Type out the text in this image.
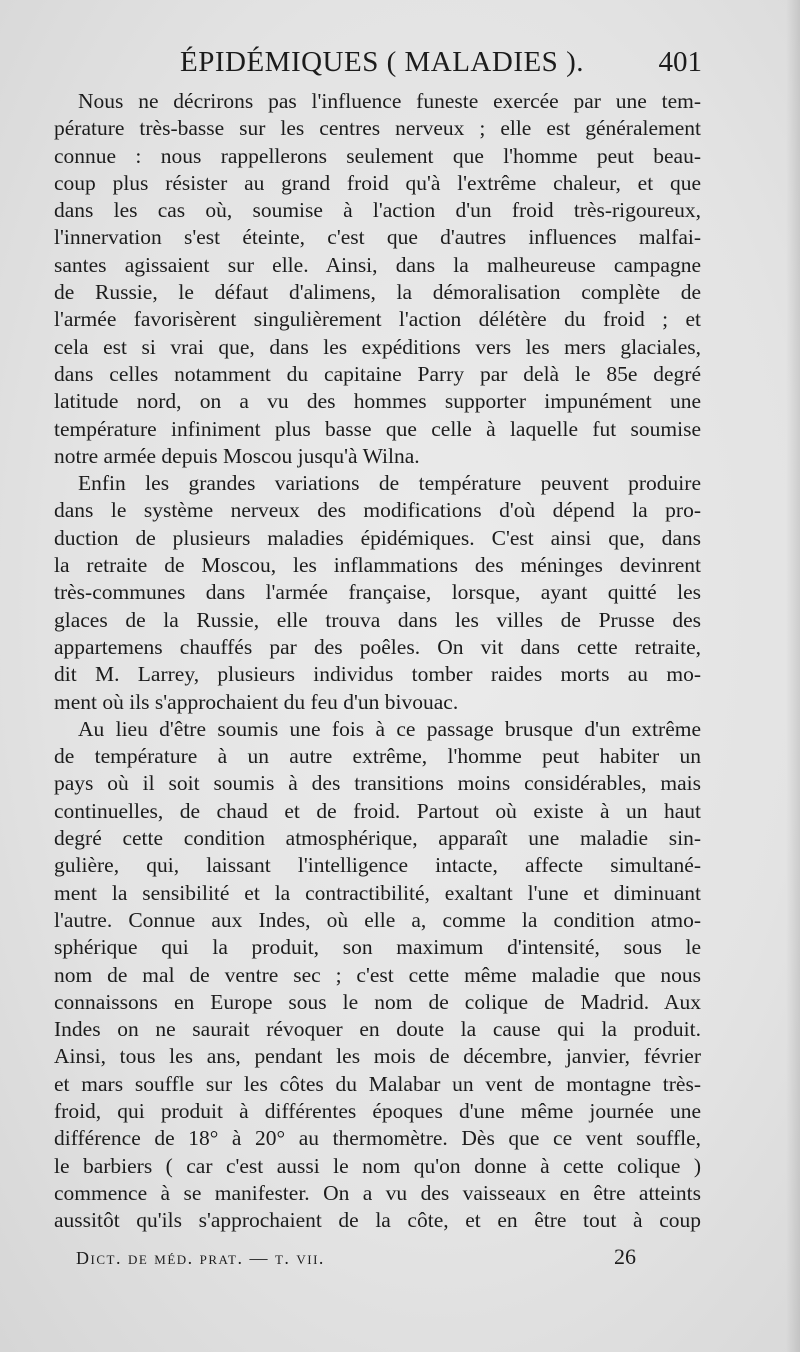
ÉPIDÉMIQUES ( MALADIES ).	401
Nous ne décrirons pas l'influence funeste exercée par une tem-
pérature très-basse sur les centres nerveux ; elle est généralement
connue : nous rappellerons seulement que l'homme peut beau-
coup plus résister au grand froid qu'à l'extrême chaleur, et que
dans les cas où, soumise à l'action d'un froid très-rigoureux,
l'innervation s'est éteinte, c'est que d'autres influences malfai-
santes agissaient sur elle. Ainsi, dans la malheureuse campagne
de Russie, le défaut d'alimens, la démoralisation complète de
l'armée favorisèrent singulièrement l'action délétère du froid ; et
cela est si vrai que, dans les expéditions vers les mers glaciales,
dans celles notamment du capitaine Parry par delà le 85e degré
latitude nord, on a vu des hommes supporter impunément une
température infiniment plus basse que celle à laquelle fut soumise
notre armée depuis Moscou jusqu'à Wilna.
Enfin les grandes variations de température peuvent produire
dans le système nerveux des modifications d'où dépend la pro-
duction de plusieurs maladies épidémiques. C'est ainsi que, dans
la retraite de Moscou, les inflammations des méninges devinrent
très-communes dans l'armée française, lorsque, ayant quitté les
glaces de la Russie, elle trouva dans les villes de Prusse des
appartemens chauffés par des poêles. On vit dans cette retraite,
dit M. Larrey, plusieurs individus tomber raides morts au mo-
ment où ils s'approchaient du feu d'un bivouac.
Au lieu d'être soumis une fois à ce passage brusque d'un extrême
de température à un autre extrême, l'homme peut habiter un
pays où il soit soumis à des transitions moins considérables, mais
continuelles, de chaud et de froid. Partout où existe à un haut
degré cette condition atmosphérique, apparaît une maladie sin-
gulière, qui, laissant l'intelligence intacte, affecte simultané-
ment la sensibilité et la contractibilité, exaltant l'une et diminuant
l'autre. Connue aux Indes, où elle a, comme la condition atmo-
sphérique qui la produit, son maximum d'intensité, sous le
nom de mal de ventre sec ; c'est cette même maladie que nous
connaissons en Europe sous le nom de colique de Madrid. Aux
Indes on ne saurait révoquer en doute la cause qui la produit.
Ainsi, tous les ans, pendant les mois de décembre, janvier, février
et mars souffle sur les côtes du Malabar un vent de montagne très-
froid, qui produit à différentes époques d'une même journée une
différence de 18° à 20° au thermomètre. Dès que ce vent souffle,
le barbiers ( car c'est aussi le nom qu'on donne à cette colique )
commence à se manifester. On a vu des vaisseaux en être atteints
aussitôt qu'ils s'approchaient de la côte, et en être tout à coup
Dict. de méd. prat. — t. vii.	26
